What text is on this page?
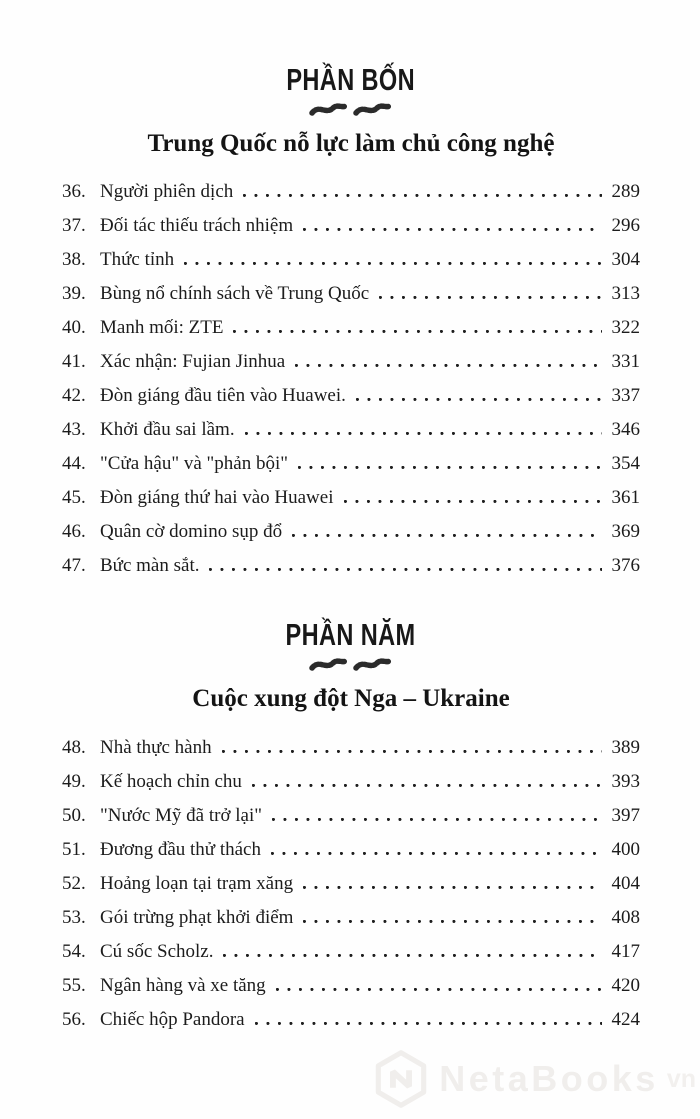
PHẦN BỐN
Trung Quốc nỗ lực làm chủ công nghệ
36. Người phiên dịch	289
37. Đối tác thiếu trách nhiệm	296
38. Thức tỉnh	304
39. Bùng nổ chính sách về Trung Quốc	313
40. Manh mối: ZTE	322
41. Xác nhận: Fujian Jinhua	331
42. Đòn giáng đầu tiên vào Huawei.	337
43. Khởi đầu sai lầm.	346
44. "Cửa hậu" và "phản bội"	354
45. Đòn giáng thứ hai vào Huawei	361
46. Quân cờ domino sụp đổ	369
47. Bức màn sắt.	376
PHẦN NĂM
Cuộc xung đột Nga – Ukraine
48. Nhà thực hành	389
49. Kế hoạch chỉn chu	393
50. "Nước Mỹ đã trở lại"	397
51. Đương đầu thử thách	400
52. Hoảng loạn tại trạm xăng	404
53. Gói trừng phạt khởi điểm	408
54. Cú sốc Scholz.	417
55. Ngân hàng và xe tăng	420
56. Chiếc hộp Pandora	424
NetaBooks vn
